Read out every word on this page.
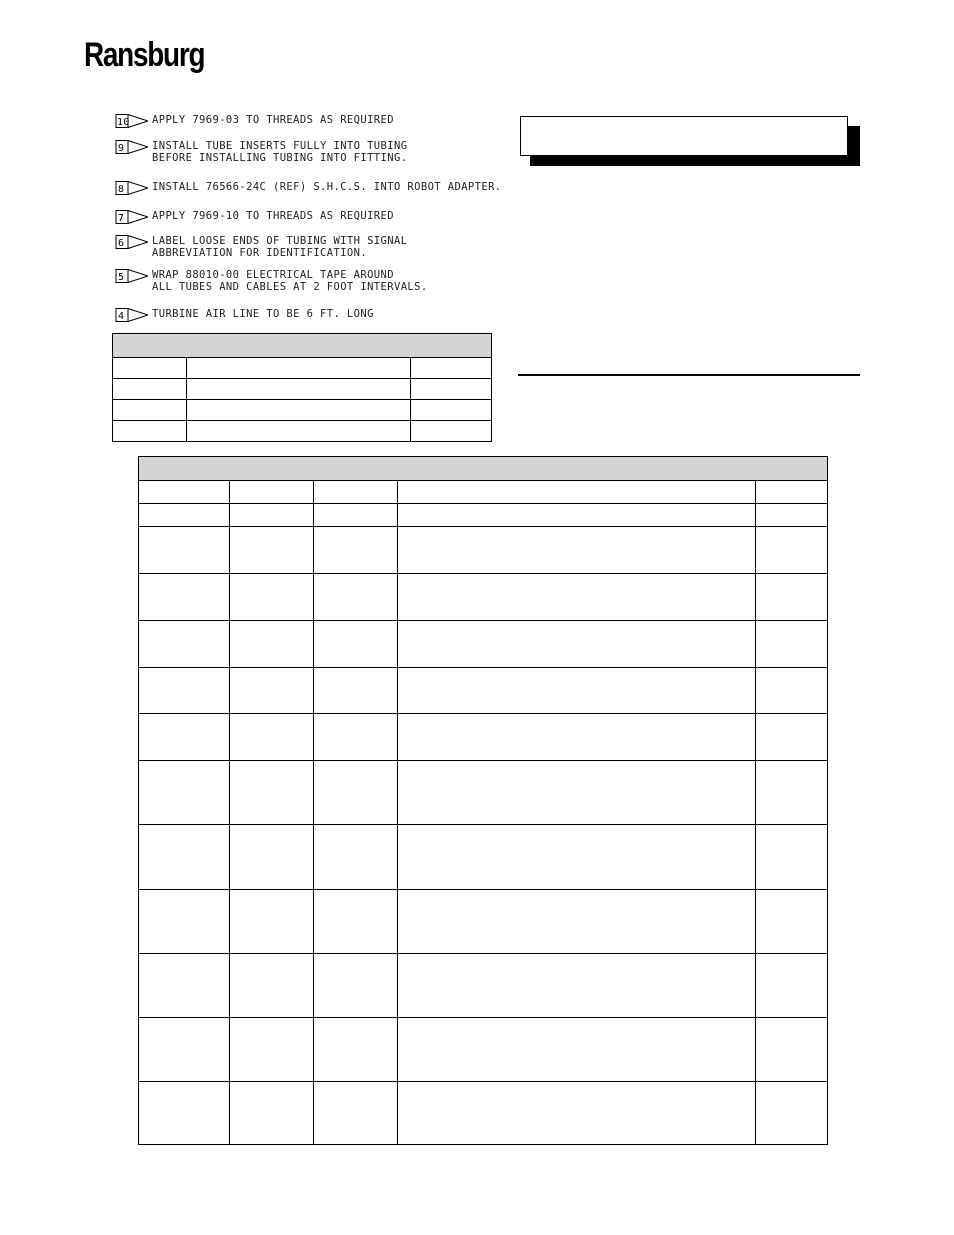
Ransburg
10 APPLY 7969-03 TO THREADS AS REQUIRED
9	INSTALL TUBE INSERTS FULLY INTO TUBING
BEFORE INSTALLING TUBING INTO FITTING.
8	INSTALL 76566-24C (REF) S.H.C.S. INTO ROBOT ADAPTER.
7	APPLY 7969-10 TO THREADS AS REQUIRED
6	LABEL LOOSE ENDS OF TUBING WITH SIGNAL
ABBREVIATION FOR IDENTIFICATION.
5	WRAP 88010-00 ELECTRICAL TAPE AROUND
ALL TUBES AND CABLES AT 2 FOOT INTERVALS.
4	TURBINE AIR LINE TO BE 6 FT. LONG
